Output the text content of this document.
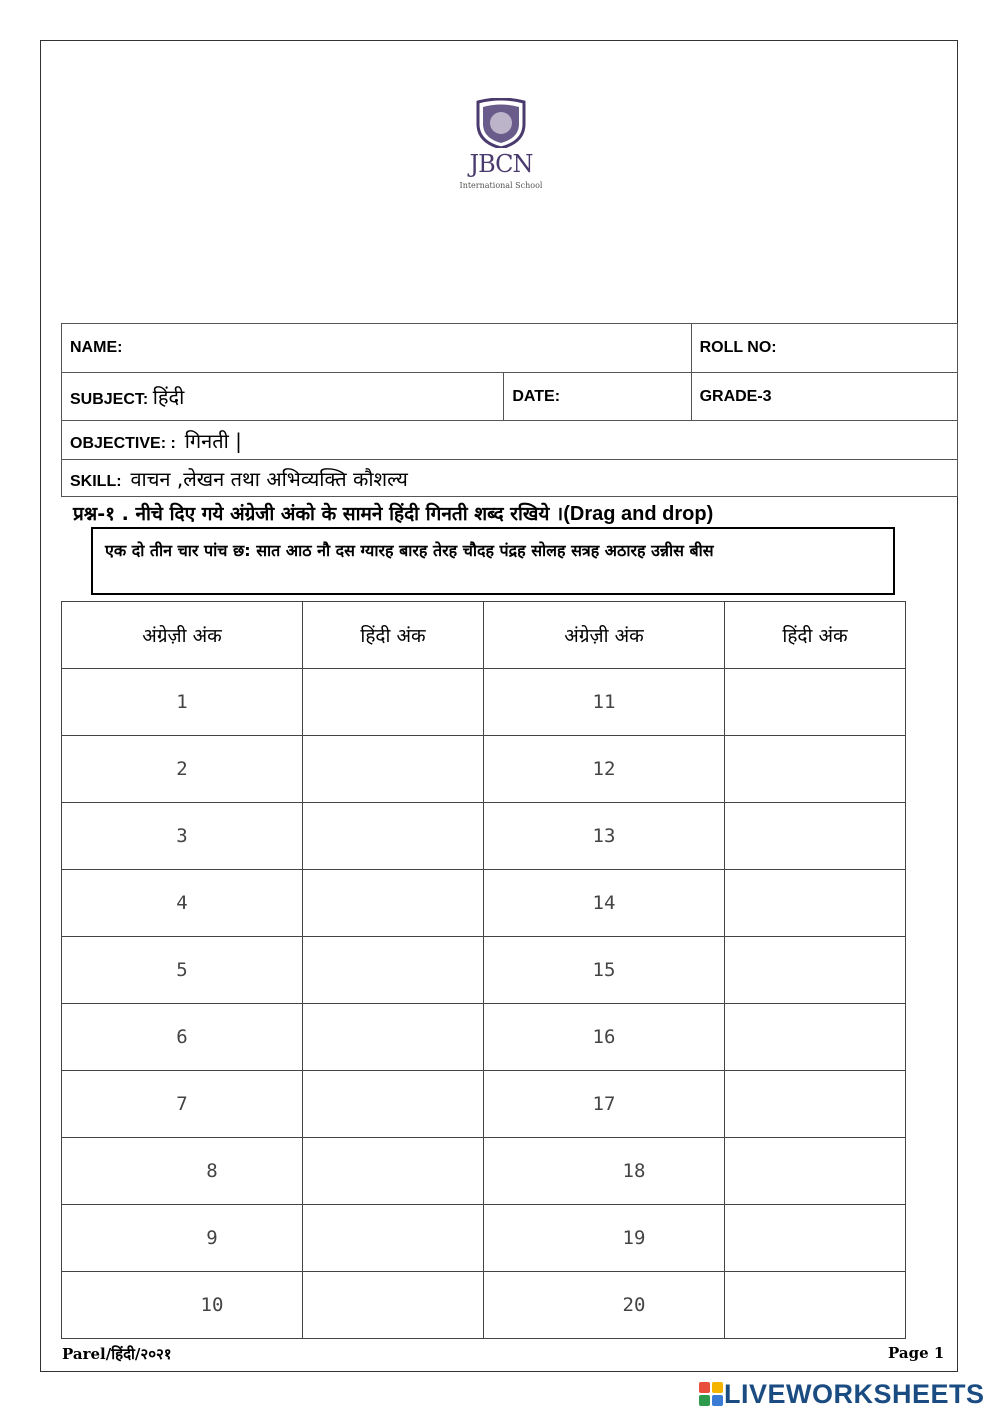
JBCN
International School
NAME:		ROLL NO:
SUBJECT: हिंदी	DATE:	GRADE-3
OBJECTIVE: : गिनती |		
SKILL: वाचन ,लेखन तथा अभिव्यक्ति कौशल्य		
प्रश्न-१ . नीचे दिए गये अंग्रेजी अंको के सामने हिंदी गिनती शब्द रखिये ।(Drag and drop)
एक दो तीन चार पांच छ: सात आठ नौ दस ग्यारह बारह तेरह चौदह पंद्रह सोलह सत्रह अठारह उन्नीस बीस
अंग्रेज़ी अंक	हिंदी अंक	अंग्रेज़ी अंक	हिंदी अंक
1		11	
2		12	
3		13	
4		14	
5		15	
6		16	
7		17	
8		18	
9		19	
10		20	
Parel/हिंदी/२०२१	Page 1
LIVEWORKSHEETS
